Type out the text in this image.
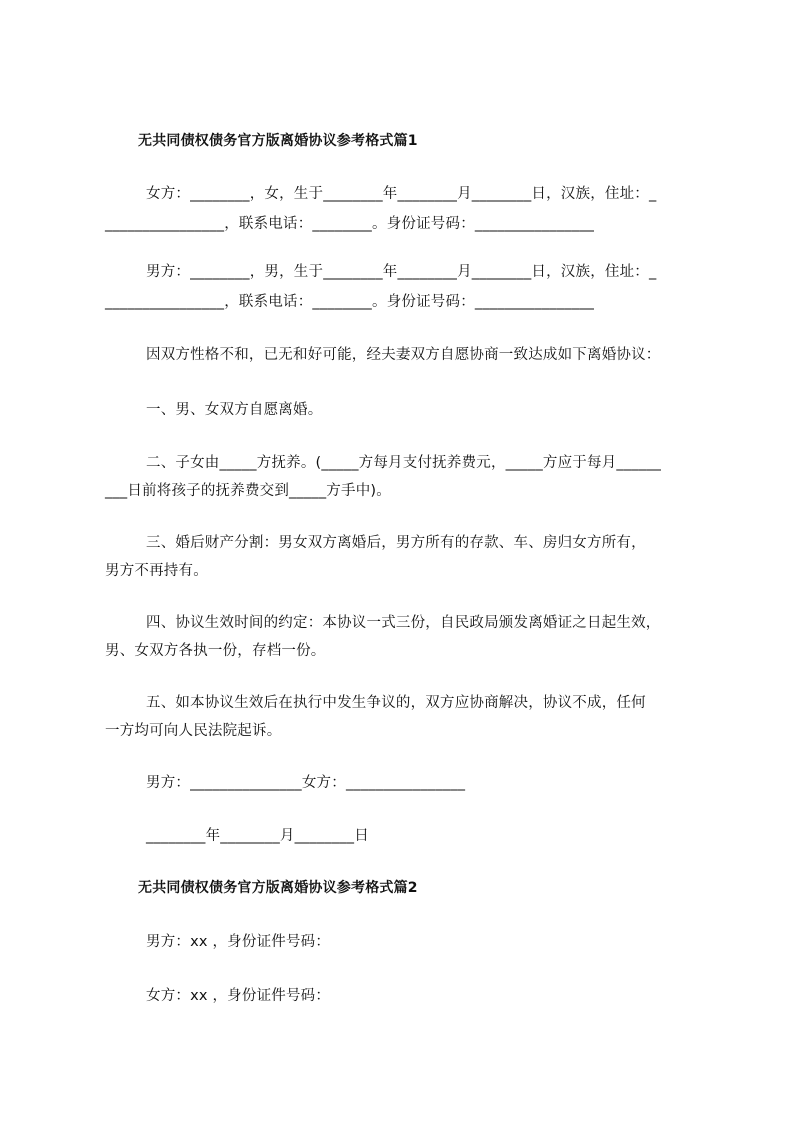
无共同债权债务官方版离婚协议参考格式篇1
女方：________，女，生于________年________月________日，汉族，住址：_
________________，联系电话：________。身份证号码：________________
男方：________，男，生于________年________月________日，汉族，住址：_
________________，联系电话：________。身份证号码：________________
因双方性格不和，已无和好可能，经夫妻双方自愿协商一致达成如下离婚协议：
一、男、女双方自愿离婚。
二、子女由_____方抚养。(_____方每月支付抚养费元，_____方应于每月______
___日前将孩子的抚养费交到_____方手中)。
三、婚后财产分割：男女双方离婚后，男方所有的存款、车、房归女方所有，
男方不再持有。
四、协议生效时间的约定：本协议一式三份，自民政局颁发离婚证之日起生效，
男、女双方各执一份，存档一份。
五、如本协议生效后在执行中发生争议的，双方应协商解决，协议不成，任何
一方均可向人民法院起诉。
男方：_______________女方：________________
________年________月________日
无共同债权债务官方版离婚协议参考格式篇2
男方：xx ，身份证件号码：
女方：xx ，身份证件号码：
